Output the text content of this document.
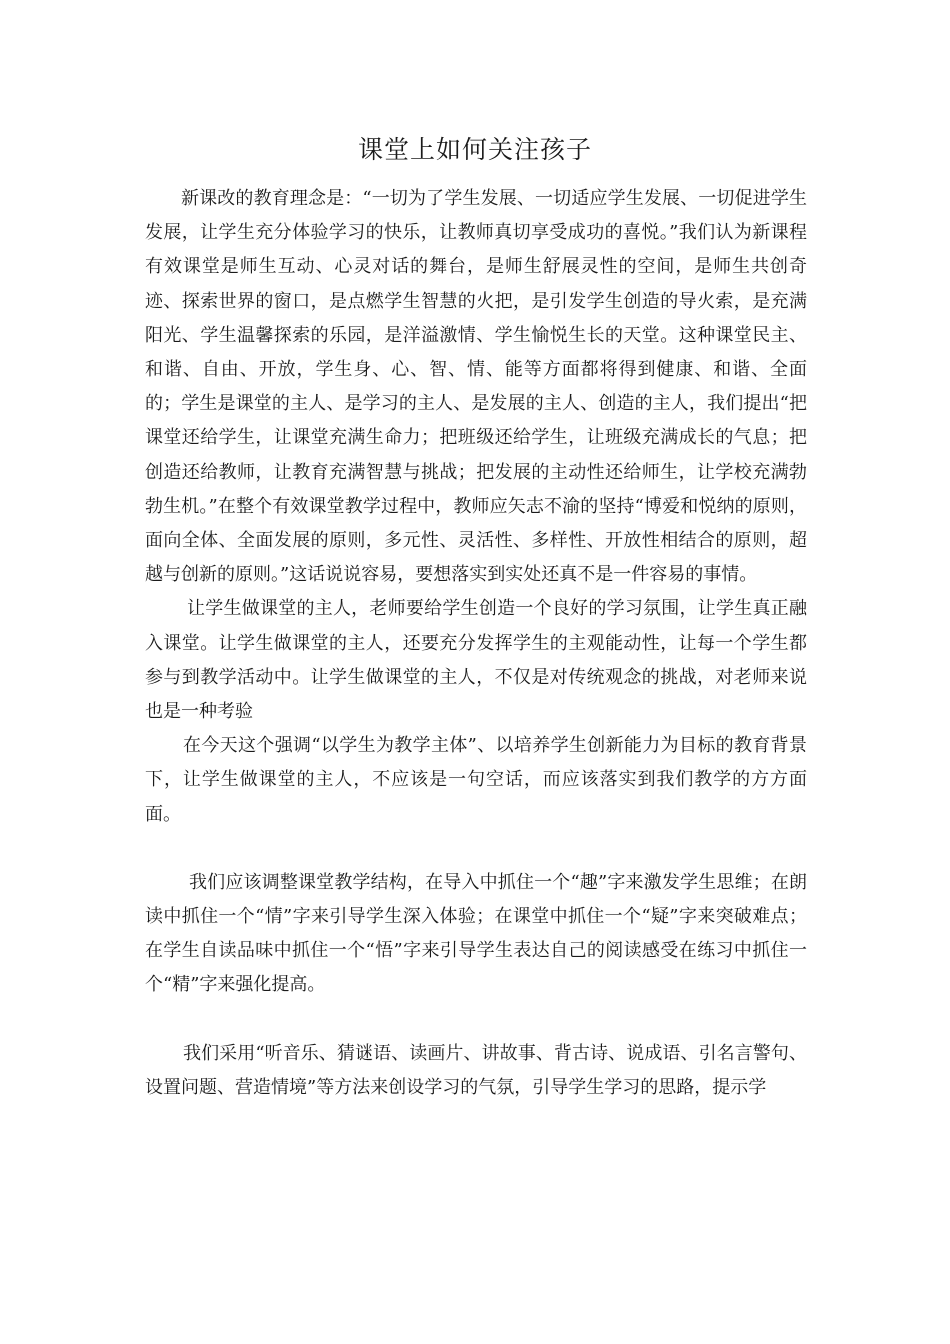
课堂上如何关注孩子

新课改的教育理念是：“一切为了学生发展、一切适应学生发展、一切促进学生发展，让学生充分体验学习的快乐，让教师真切享受成功的喜悦。”我们认为新课程有效课堂是师生互动、心灵对话的舞台，是师生舒展灵性的空间，是师生共创奇迹、探索世界的窗口，是点燃学生智慧的火把，是引发学生创造的导火索，是充满阳光、学生温馨探索的乐园，是洋溢激情、学生愉悦生长的天堂。这种课堂民主、和谐、自由、开放，学生身、心、智、情、能等方面都将得到健康、和谐、全面的；学生是课堂的主人、是学习的主人、是发展的主人、创造的主人，我们提出“把课堂还给学生，让课堂充满生命力；把班级还给学生，让班级充满成长的气息；把创造还给教师，让教育充满智慧与挑战；把发展的主动性还给师生，让学校充满勃勃生机。”在整个有效课堂教学过程中，教师应矢志不渝的坚持“博爱和悦纳的原则，面向全体、全面发展的原则，多元性、灵活性、多样性、开放性相结合的原则，超越与创新的原则。”这话说说容易，要想落实到实处还真不是一件容易的事情。

让学生做课堂的主人，老师要给学生创造一个良好的学习氛围，让学生真正融入课堂。让学生做课堂的主人，还要充分发挥学生的主观能动性，让每一个学生都参与到教学活动中。让学生做课堂的主人，不仅是对传统观念的挑战，对老师来说也是一种考验

在今天这个强调“以学生为教学主体”、以培养学生创新能力为目标的教育背景下，让学生做课堂的主人，不应该是一句空话，而应该落实到我们教学的方方面面。

我们应该调整课堂教学结构，在导入中抓住一个“趣”字来激发学生思维；在朗读中抓住一个“情”字来引导学生深入体验；在课堂中抓住一个“疑”字来突破难点；在学生自读品味中抓住一个“悟”字来引导学生表达自己的阅读感受在练习中抓住一个“精”字来强化提高。

我们采用“听音乐、猜谜语、读画片、讲故事、背古诗、说成语、引名言警句、设置问题、营造情境”等方法来创设学习的气氛，引导学生学习的思路，提示学
